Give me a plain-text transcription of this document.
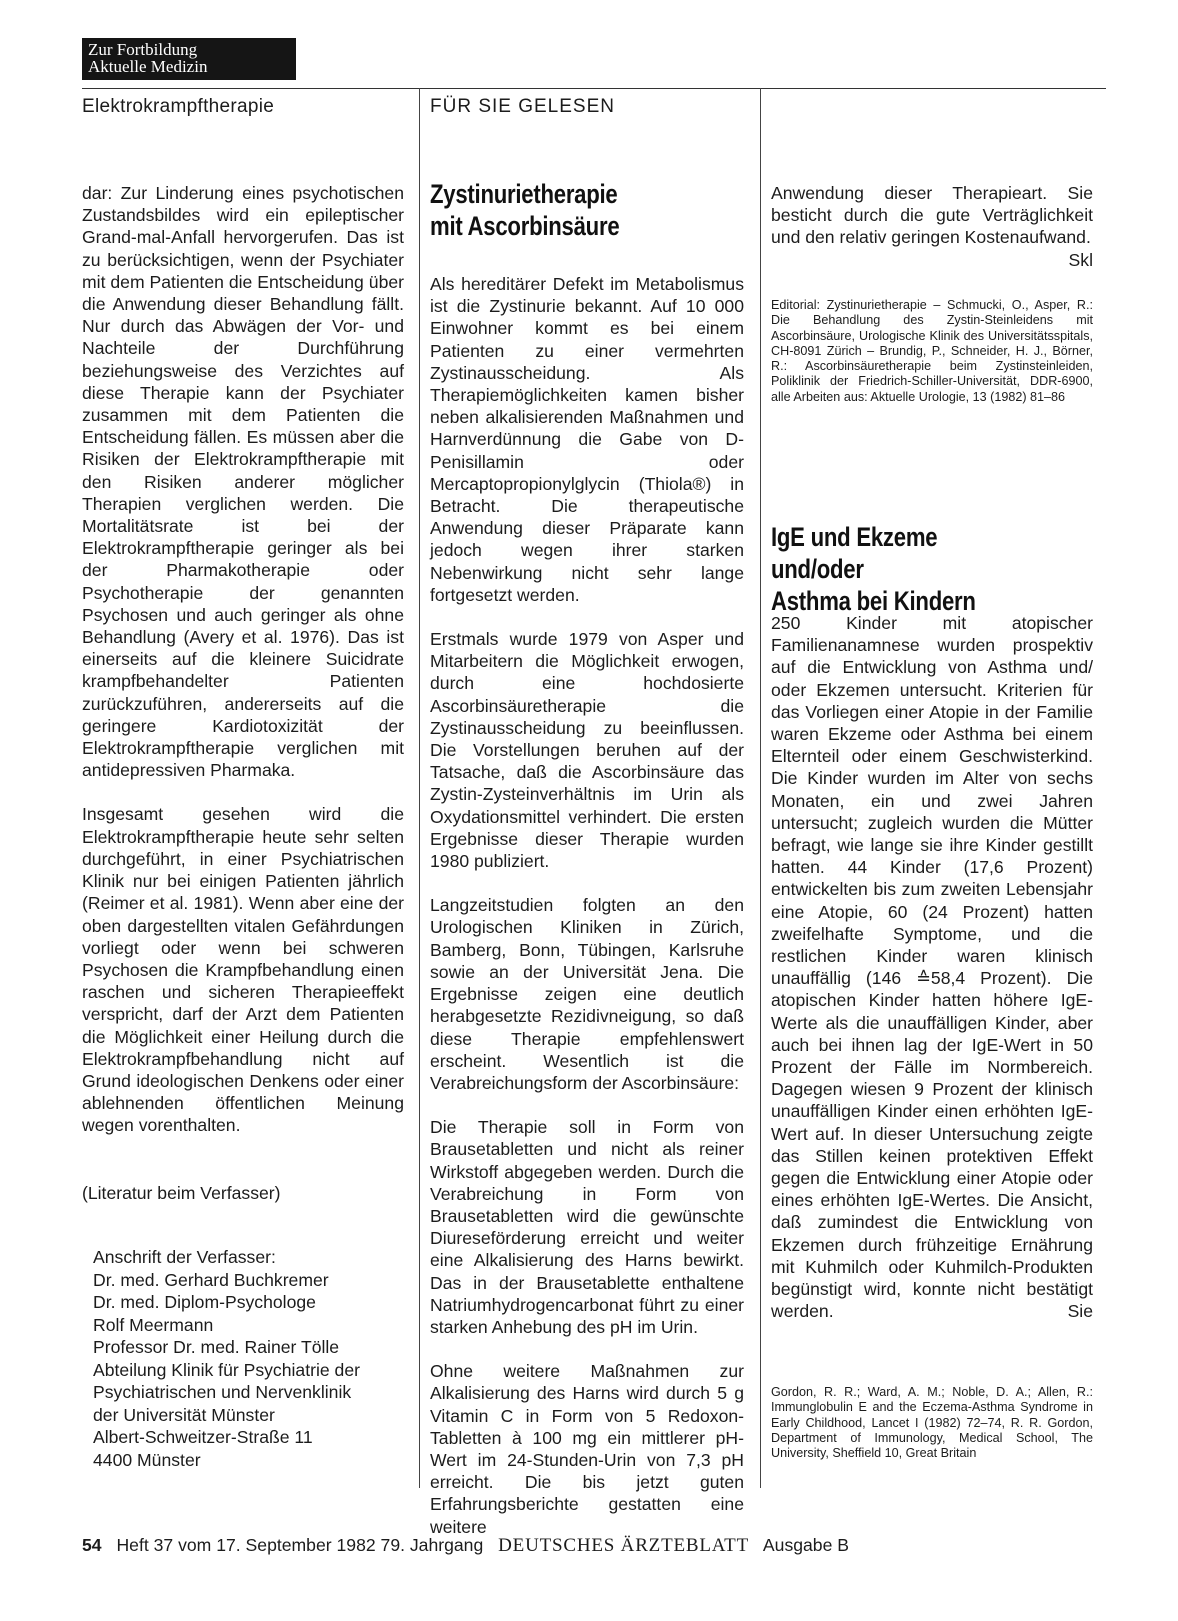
Zur Fortbildung
Aktuelle Medizin
Elektrokrampftherapie	FÜR SIE GELESEN

dar: Zur Linderung eines psychotischen Zustandsbildes wird ein epileptischer Grand-mal-Anfall hervorgerufen. Das ist zu berücksichtigen, wenn der Psychiater mit dem Patienten die Entscheidung über die Anwendung dieser Behandlung fällt. Nur durch das Abwägen der Vor- und Nachteile der Durchführung beziehungsweise des Verzichtes auf diese Therapie kann der Psychiater zusammen mit dem Patienten die Entscheidung fällen. Es müssen aber die Risiken der Elektrokrampftherapie mit den Risiken anderer möglicher Therapien verglichen werden. Die Mortalitätsrate ist bei der Elektrokrampftherapie geringer als bei der Pharmakotherapie oder Psychotherapie der genannten Psychosen und auch geringer als ohne Behandlung (Avery et al. 1976). Das ist einerseits auf die kleinere Suicidrate krampfbehandelter Patienten zurückzuführen, andererseits auf die geringere Kardiotoxizität der Elektrokrampftherapie verglichen mit antidepressiven Pharmaka.

Insgesamt gesehen wird die Elektrokrampftherapie heute sehr selten durchgeführt, in einer Psychiatrischen Klinik nur bei einigen Patienten jährlich (Reimer et al. 1981). Wenn aber eine der oben dargestellten vitalen Gefährdungen vorliegt oder wenn bei schweren Psychosen die Krampfbehandlung einen raschen und sicheren Therapieeffekt verspricht, darf der Arzt dem Patienten die Möglichkeit einer Heilung durch die Elektrokrampfbehandlung nicht auf Grund ideologischen Denkens oder einer ablehnenden öffentlichen Meinung wegen vorenthalten.

(Literatur beim Verfasser)
Anschrift der Verfasser:
Dr. med. Gerhard Buchkremer
Dr. med. Diplom-Psychologe
Rolf Meermann
Professor Dr. med. Rainer Tölle
Abteilung Klinik für Psychiatrie der
Psychiatrischen und Nervenklinik
der Universität Münster
Albert-Schweitzer-Straße 11
4400 Münster
Zystinurietherapie
mit Ascorbinsäure

Als hereditärer Defekt im Metabolismus ist die Zystinurie bekannt. Auf 10 000 Einwohner kommt es bei einem Patienten zu einer vermehrten Zystinausscheidung. Als Therapiemöglichkeiten kamen bisher neben alkalisierenden Maßnahmen und Harnverdünnung die Gabe von D-Penisillamin oder Mercaptopropionylglycin (Thiola®) in Betracht. Die therapeutische Anwendung dieser Präparate kann jedoch wegen ihrer starken Nebenwirkung nicht sehr lange fortgesetzt werden.

Erstmals wurde 1979 von Asper und Mitarbeitern die Möglichkeit erwogen, durch eine hochdosierte Ascorbinsäuretherapie die Zystinausscheidung zu beeinflussen. Die Vorstellungen beruhen auf der Tatsache, daß die Ascorbinsäure das Zystin-Zysteinverhältnis im Urin als Oxydationsmittel verhindert. Die ersten Ergebnisse dieser Therapie wurden 1980 publiziert.

Langzeitstudien folgten an den Urologischen Kliniken in Zürich, Bamberg, Bonn, Tübingen, Karlsruhe sowie an der Universität Jena. Die Ergebnisse zeigen eine deutlich herabgesetzte Rezidivneigung, so daß diese Therapie empfehlenswert erscheint. Wesentlich ist die Verabreichungsform der Ascorbinsäure:

Die Therapie soll in Form von Brausetabletten und nicht als reiner Wirkstoff abgegeben werden. Durch die Verabreichung in Form von Brausetabletten wird die gewünschte Diureseförderung erreicht und weiter eine Alkalisierung des Harns bewirkt. Das in der Brausetablette enthaltene Natriumhydrogencarbonat führt zu einer starken Anhebung des pH im Urin.

Ohne weitere Maßnahmen zur Alkalisierung des Harns wird durch 5 g Vitamin C in Form von 5 Redoxon-Tabletten à 100 mg ein mittlerer pH-Wert im 24-Stunden-Urin von 7,3 pH erreicht. Die bis jetzt guten Erfahrungsberichte gestatten eine weitere

Anwendung dieser Therapieart. Sie besticht durch die gute Verträglichkeit und den relativ geringen Kostenaufwand.
Skl

Editorial: Zystinurietherapie – Schmucki, O., Asper, R.: Die Behandlung des Zystin-Steinleidens mit Ascorbinsäure, Urologische Klinik des Universitätsspitals, CH-8091 Zürich – Brundig, P., Schneider, H. J., Börner, R.: Ascorbinsäuretherapie beim Zystinsteinleiden, Poliklinik der Friedrich-Schiller-Universität, DDR-6900, alle Arbeiten aus: Aktuelle Urologie, 13 (1982) 81–86
IgE und Ekzeme
und/oder
Asthma bei Kindern

250 Kinder mit atopischer Familienanamnese wurden prospektiv auf die Entwicklung von Asthma und/ oder Ekzemen untersucht. Kriterien für das Vorliegen einer Atopie in der Familie waren Ekzeme oder Asthma bei einem Elternteil oder einem Geschwisterkind. Die Kinder wurden im Alter von sechs Monaten, ein und zwei Jahren untersucht; zugleich wurden die Mütter befragt, wie lange sie ihre Kinder gestillt hatten. 44 Kinder (17,6 Prozent) entwickelten bis zum zweiten Lebensjahr eine Atopie, 60 (24 Prozent) hatten zweifelhafte Symptome, und die restlichen Kinder waren klinisch unauffällig (146 ≙58,4 Prozent). Die atopischen Kinder hatten höhere IgE-Werte als die unauffälligen Kinder, aber auch bei ihnen lag der IgE-Wert in 50 Prozent der Fälle im Normbereich. Dagegen wiesen 9 Prozent der klinisch unauffälligen Kinder einen erhöhten IgE-Wert auf. In dieser Untersuchung zeigte das Stillen keinen protektiven Effekt gegen die Entwicklung einer Atopie oder eines erhöhten IgE-Wertes. Die Ansicht, daß zumindest die Entwicklung von Ekzemen durch frühzeitige Ernährung mit Kuhmilch oder Kuhmilch-Produkten begünstigt wird, konnte nicht bestätigt werden.	Sie

Gordon, R. R.; Ward, A. M.; Noble, D. A.; Allen, R.: Immunglobulin E and the Eczema-Asthma Syndrome in Early Childhood, Lancet I (1982) 72–74, R. R. Gordon, Department of Immunology, Medical School, The University, Sheffield 10, Great Britain
54 Heft 37 vom 17. September 1982 79. Jahrgang DEUTSCHES ÄRZTEBLATT Ausgabe B
